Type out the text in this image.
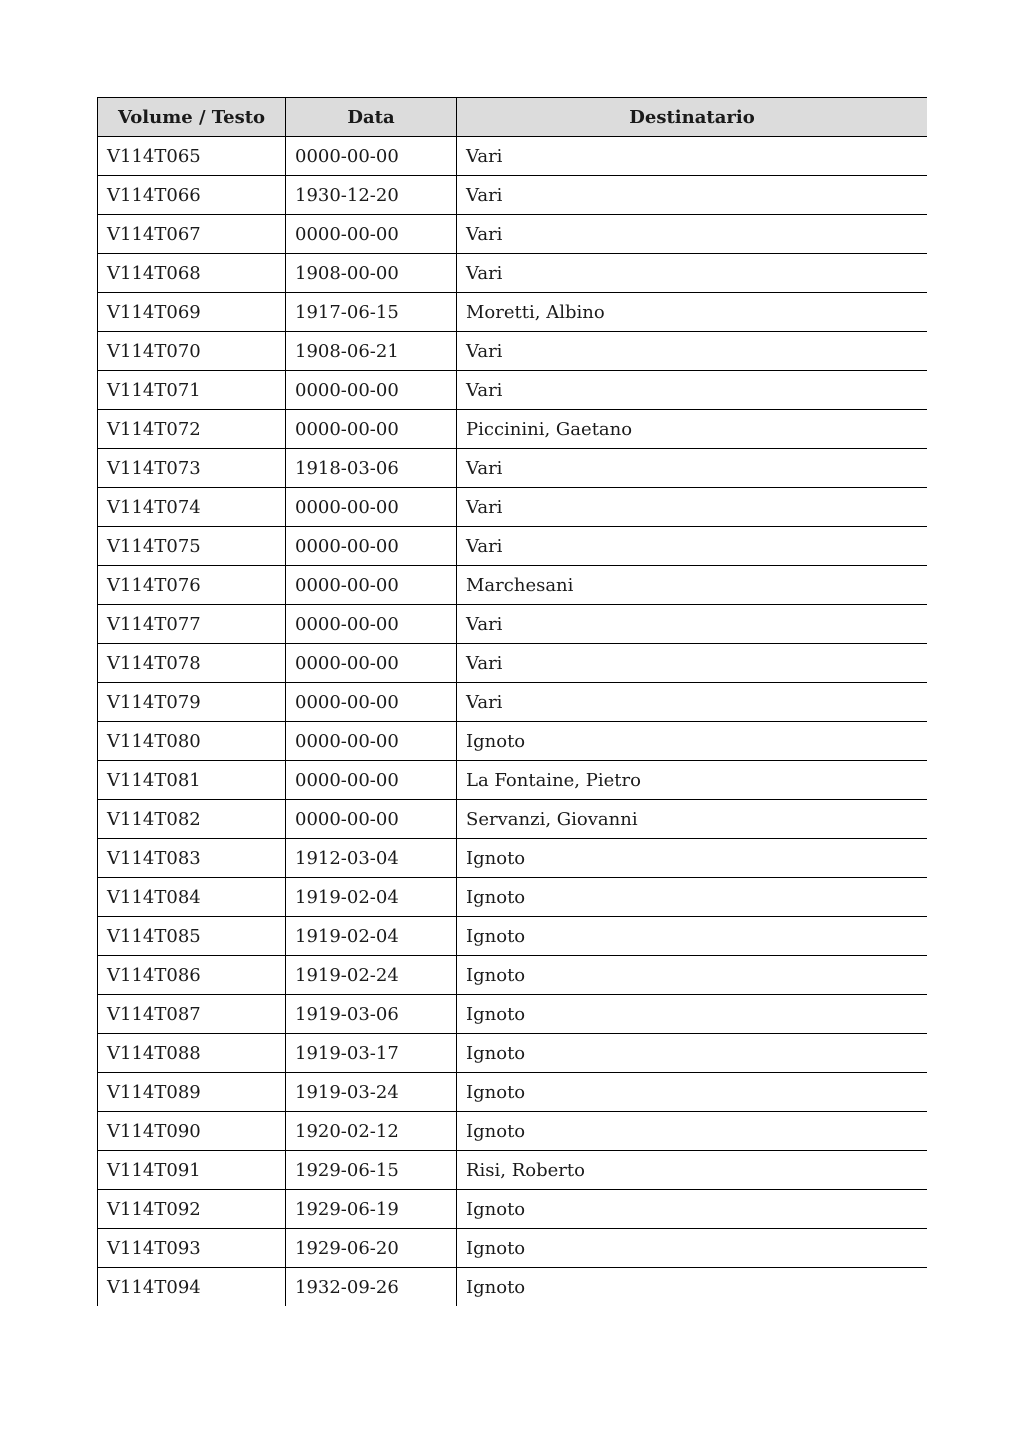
Volume / Testo	Data	Destinatario
V114T065	0000-00-00	Vari
V114T066	1930-12-20	Vari
V114T067	0000-00-00	Vari
V114T068	1908-00-00	Vari
V114T069	1917-06-15	Moretti, Albino
V114T070	1908-06-21	Vari
V114T071	0000-00-00	Vari
V114T072	0000-00-00	Piccinini, Gaetano
V114T073	1918-03-06	Vari
V114T074	0000-00-00	Vari
V114T075	0000-00-00	Vari
V114T076	0000-00-00	Marchesani
V114T077	0000-00-00	Vari
V114T078	0000-00-00	Vari
V114T079	0000-00-00	Vari
V114T080	0000-00-00	Ignoto
V114T081	0000-00-00	La Fontaine, Pietro
V114T082	0000-00-00	Servanzi, Giovanni
V114T083	1912-03-04	Ignoto
V114T084	1919-02-04	Ignoto
V114T085	1919-02-04	Ignoto
V114T086	1919-02-24	Ignoto
V114T087	1919-03-06	Ignoto
V114T088	1919-03-17	Ignoto
V114T089	1919-03-24	Ignoto
V114T090	1920-02-12	Ignoto
V114T091	1929-06-15	Risi, Roberto
V114T092	1929-06-19	Ignoto
V114T093	1929-06-20	Ignoto
V114T094	1932-09-26	Ignoto
